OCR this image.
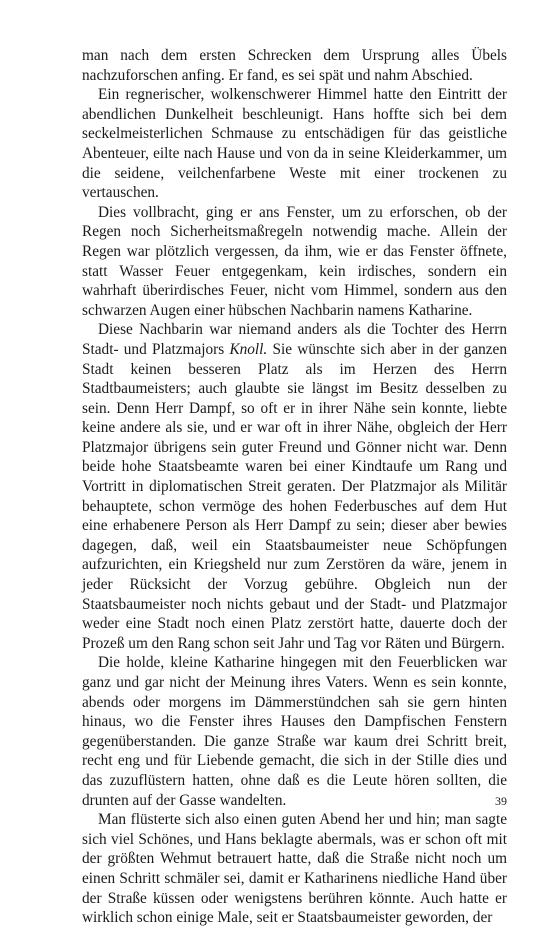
man nach dem ersten Schrecken dem Ursprung alles Übels nachzuforschen anfing. Er fand, es sei spät und nahm Abschied.

Ein regnerischer, wolkenschwerer Himmel hatte den Eintritt der abendlichen Dunkelheit beschleunigt. Hans hoffte sich bei dem seckelmeisterlichen Schmause zu entschädigen für das geistliche Abenteuer, eilte nach Hause und von da in seine Kleiderkammer, um die seidene, veilchenfarbene Weste mit einer trockenen zu vertauschen.

Dies vollbracht, ging er ans Fenster, um zu erforschen, ob der Regen noch Sicherheitsmaßregeln notwendig mache. Allein der Regen war plötzlich vergessen, da ihm, wie er das Fenster öffnete, statt Wasser Feuer entgegenkam, kein irdisches, sondern ein wahrhaft überirdisches Feuer, nicht vom Himmel, sondern aus den schwarzen Augen einer hübschen Nachbarin namens Katharine.

Diese Nachbarin war niemand anders als die Tochter des Herrn Stadt- und Platzmajors Knoll. Sie wünschte sich aber in der ganzen Stadt keinen besseren Platz als im Herzen des Herrn Stadtbaumeisters; auch glaubte sie längst im Besitz desselben zu sein. Denn Herr Dampf, so oft er in ihrer Nähe sein konnte, liebte keine andere als sie, und er war oft in ihrer Nähe, obgleich der Herr Platzmajor übrigens sein guter Freund und Gönner nicht war. Denn beide hohe Staatsbeamte waren bei einer Kindtaufe um Rang und Vortritt in diplomatischen Streit geraten. Der Platzmajor als Militär behauptete, schon vermöge des hohen Federbusches auf dem Hut eine erhabenere Person als Herr Dampf zu sein; dieser aber bewies dagegen, daß, weil ein Staatsbaumeister neue Schöpfungen aufzurichten, ein Kriegsheld nur zum Zerstören da wäre, jenem in jeder Rücksicht der Vorzug gebühre. Obgleich nun der Staatsbaumeister noch nichts gebaut und der Stadt- und Platzmajor weder eine Stadt noch einen Platz zerstört hatte, dauerte doch der Prozeß um den Rang schon seit Jahr und Tag vor Räten und Bürgern.

Die holde, kleine Katharine hingegen mit den Feuerblicken war ganz und gar nicht der Meinung ihres Vaters. Wenn es sein konnte, abends oder morgens im Dämmerstündchen sah sie gern hinten hinaus, wo die Fenster ihres Hauses den Dampfischen Fenstern gegenüberstanden. Die ganze Straße war kaum drei Schritt breit, recht eng und für Liebende gemacht, die sich in der Stille dies und das zuzuflüstern hatten, ohne daß es die Leute hören sollten, die drunten auf der Gasse wandelten.

Man flüsterte sich also einen guten Abend her und hin; man sagte sich viel Schönes, und Hans beklagte abermals, was er schon oft mit der größten Wehmut betrauert hatte, daß die Straße nicht noch um einen Schritt schmäler sei, damit er Katharinens niedliche Hand über der Straße küssen oder wenigstens berühren könnte. Auch hatte er wirklich schon einige Male, seit er Staatsbaumeister geworden, der

39
